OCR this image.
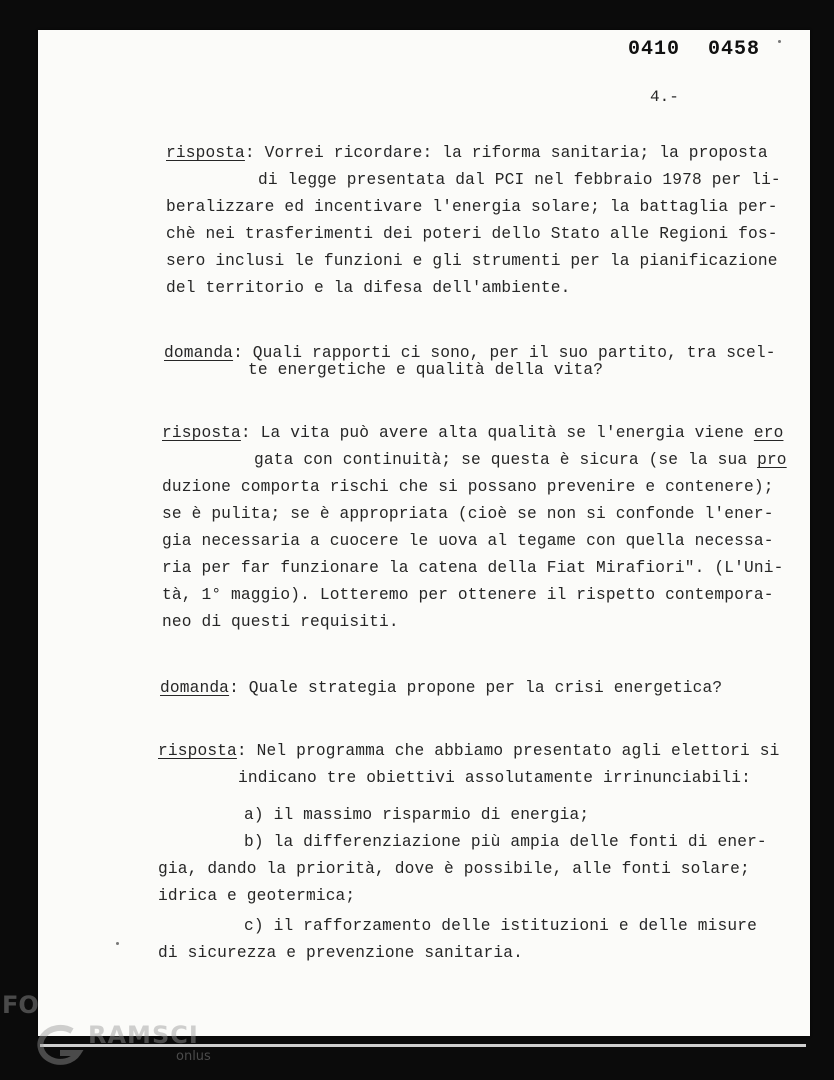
0410 0458
4.-
risposta: Vorrei ricordare: la riforma sanitaria; la proposta
di legge presentata dal PCI nel febbraio 1978 per li-
beralizzare ed incentivare l'energia solare; la battaglia per-
chè nei trasferimenti dei poteri dello Stato alle Regioni fos-
sero inclusi le funzioni e gli strumenti per la pianificazione
del territorio e la difesa dell'ambiente.
domanda: Quali rapporti ci sono, per il suo partito, tra scel-
te energetiche e qualità della vita?
risposta: La vita può avere alta qualità se l'energia viene ero
gata con continuità; se questa è sicura (se la sua pro
duzione comporta rischi che si possano prevenire e contenere);
se è pulita; se è appropriata (cioè se non si confonde l'ener-
gia necessaria a cuocere le uova al tegame con quella necessa-
ria per far funzionare la catena della Fiat Mirafiori". (L'Uni-
tà, 1° maggio). Lotteremo per ottenere il rispetto contempora-
neo di questi requisiti.
domanda: Quale strategia propone per la crisi energetica?
risposta: Nel programma che abbiamo presentato agli elettori si
indicano tre obiettivi assolutamente irrinunciabili:
a) il massimo risparmio di energia;
b) la differenziazione più ampia delle fonti di ener-
gia, dando la priorità, dove è possibile, alle fonti solare;
idrica e geotermica;
c) il rafforzamento delle istituzioni e delle misure
di sicurezza e prevenzione sanitaria.
FO
RAMSCI
onlus
